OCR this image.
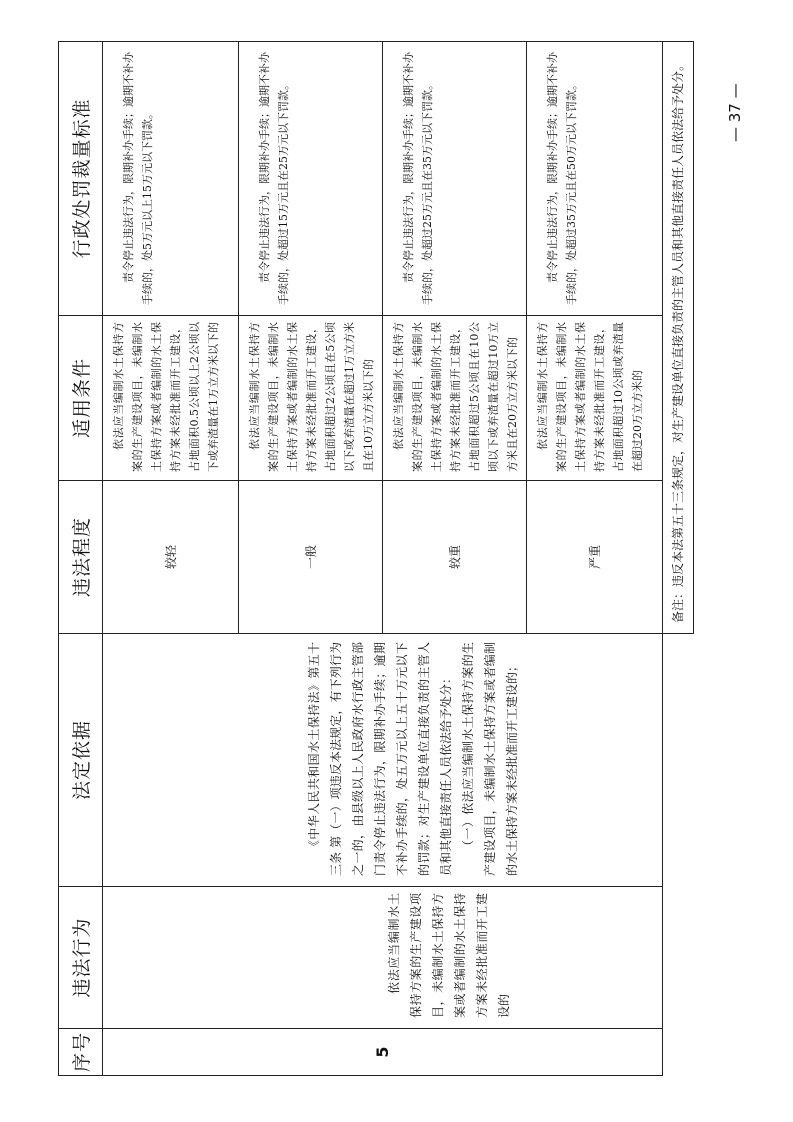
序号	违法行为	法定依据	违法程度	适用条件	行政处罚裁量标准
5	依法应当编制水土保持方案的生产建设项目，未编制水土保持方案或者编制的水土保持方案未经批准而开工建设的	《中华人民共和国水土保持法》第五十三条 第（一）项违反本法规定，有下列行为之一的，由县级以上人民政府水行政主管部门责令停止违法行为，限期补办手续；逾期不补办手续的，处五万元以上五十万元以下的罚款；对生产建设单位直接负责的主管人员和其他直接责任人员依法给予处分： （一）依法应当编制水土保持方案的生产建设项目，未编制水土保持方案或者编制的水土保持方案未经批准而开工建设的；	较轻	依法应当编制水土保持方案的生产建设项目，未编制水土保持方案或者编制的水土保持方案未经批准而开工建设，占地面积0.5公顷以上2公顷以下或弃渣量在1万立方米以下的	责令停止违法行为，限期补办手续；逾期不补办手续的，处5万元以上15万元以下罚款。
			一般	依法应当编制水土保持方案的生产建设项目，未编制水土保持方案或者编制的水土保持方案未经批准而开工建设，占地面积超过2公顷且在5公顷以下或弃渣量在超过1万立方米且在10万立方米以下的	责令停止违法行为，限期补办手续；逾期不补办手续的，处超过15万元且在25万元以下罚款。
			较重	依法应当编制水土保持方案的生产建设项目，未编制水土保持方案或者编制的水土保持方案未经批准而开工建设，占地面积超过5公顷且在10公顷以下或弃渣量在超过10万立方米且在20万立方米以下的	责令停止违法行为，限期补办手续；逾期不补办手续的，处超过25万元且在35万元以下罚款。
			严重	依法应当编制水土保持方案的生产建设项目，未编制水土保持方案或者编制的水土保持方案未经批准而开工建设，占地面积超过10公顷或弃渣量在超过20万立方米的	责令停止违法行为，限期补办手续；逾期不补办手续的，处超过35万元且在50万元以下罚款。
			备注：违反本法第五十三条规定，对生产建设单位直接负责的主管人员和其他直接责任人员依法给予处分。			— 37 —
